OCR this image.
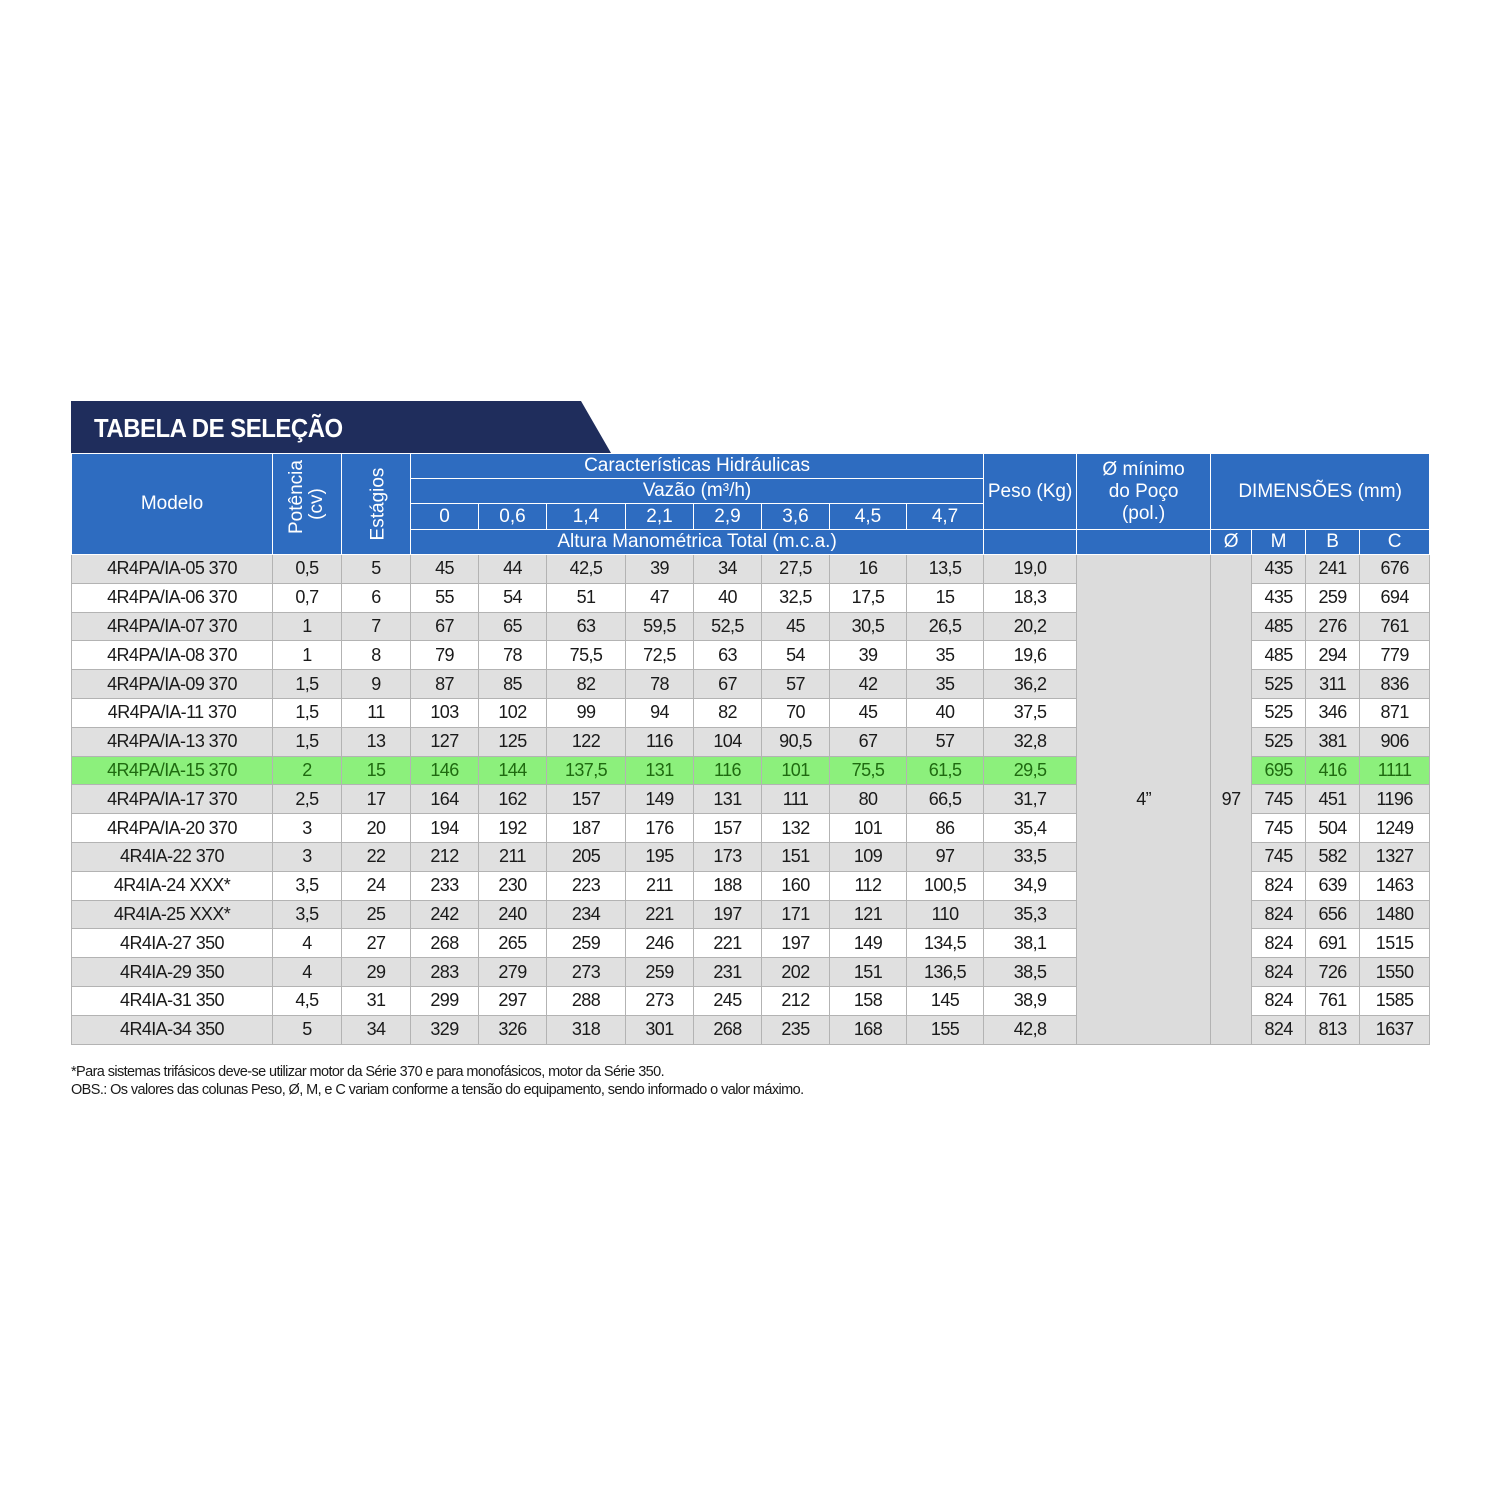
TABELA DE SELEÇÃO
Modelo	Potência (cv)	Estágios	Características Hidráulicas								Peso (Kg)	Ø mínimo do Poço (pol.)	DIMENSÕES (mm)			
			Vazão (m³/h)													
			0	0,6	1,4	2,1	2,9	3,6	4,5	4,7						
			Altura Manométrica Total (m.c.a.)										Ø	M	B	C
4R4PA/IA-05 370	0,5	5	45	44	42,5	39	34	27,5	16	13,5	19,0	4”	97	435	241	676
4R4PA/IA-06 370	0,7	6	55	54	51	47	40	32,5	17,5	15	18,3			435	259	694
4R4PA/IA-07 370	1	7	67	65	63	59,5	52,5	45	30,5	26,5	20,2			485	276	761
4R4PA/IA-08 370	1	8	79	78	75,5	72,5	63	54	39	35	19,6			485	294	779
4R4PA/IA-09 370	1,5	9	87	85	82	78	67	57	42	35	36,2			525	311	836
4R4PA/IA-11 370	1,5	11	103	102	99	94	82	70	45	40	37,5			525	346	871
4R4PA/IA-13 370	1,5	13	127	125	122	116	104	90,5	67	57	32,8			525	381	906
4R4PA/IA-15 370	2	15	146	144	137,5	131	116	101	75,5	61,5	29,5			695	416	1111
4R4PA/IA-17 370	2,5	17	164	162	157	149	131	111	80	66,5	31,7			745	451	1196
4R4PA/IA-20 370	3	20	194	192	187	176	157	132	101	86	35,4			745	504	1249
4R4IA-22 370	3	22	212	211	205	195	173	151	109	97	33,5			745	582	1327
4R4IA-24 XXX*	3,5	24	233	230	223	211	188	160	112	100,5	34,9			824	639	1463
4R4IA-25 XXX*	3,5	25	242	240	234	221	197	171	121	110	35,3			824	656	1480
4R4IA-27 350	4	27	268	265	259	246	221	197	149	134,5	38,1			824	691	1515
4R4IA-29 350	4	29	283	279	273	259	231	202	151	136,5	38,5			824	726	1550
4R4IA-31 350	4,5	31	299	297	288	273	245	212	158	145	38,9			824	761	1585
4R4IA-34 350	5	34	329	326	318	301	268	235	168	155	42,8			824	813	1637
*Para sistemas trifásicos deve-se utilizar motor da Série 370 e para monofásicos, motor da Série 350.
OBS.: Os valores das colunas Peso, Ø, M, e C variam conforme a tensão do equipamento, sendo informado o valor máximo.
